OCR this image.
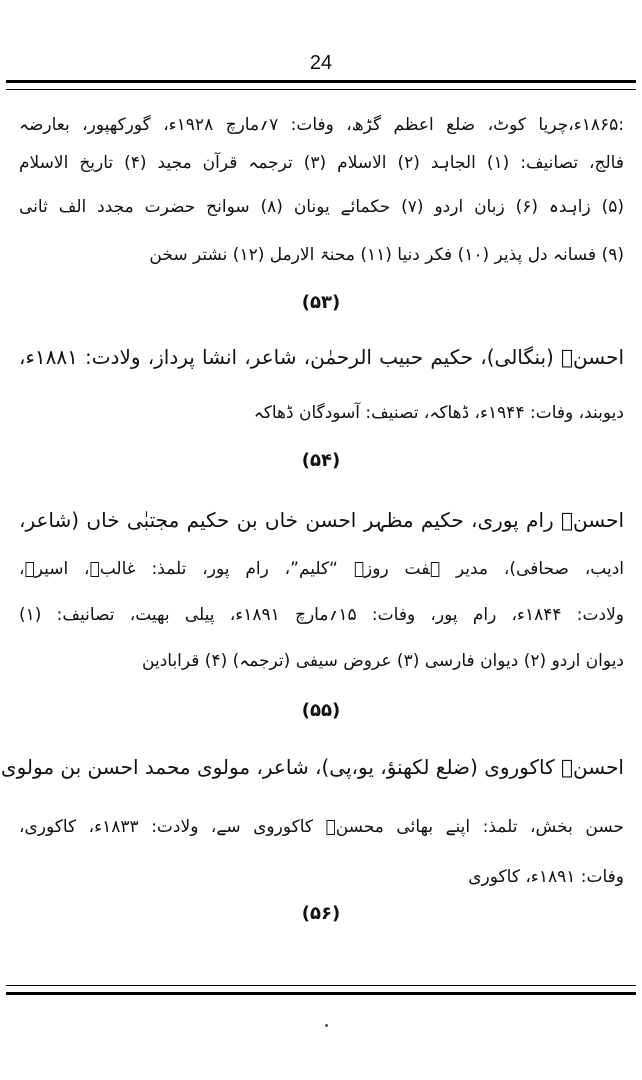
24
:۱۸۶۵ء،چریا کوٹ، ضلع اعظم گڑھ، وفات: ۷؍مارچ ۱۹۲۸ء، گورکھپور، بعارضہ
فالج، تصانیف: (۱) الجاہد (۲) الاسلام (۳) ترجمہ قرآن مجید (۴) تاریخ الاسلام
(۵) زاہدہ (۶) زبان اردو (۷) حکمائے یونان (۸) سوانح حضرت مجدد الف ثانی
(۹) فسانہ دل پذیر (۱۰) فکر دنیا (۱۱) محنۃ الارمل (۱۲) نشتر سخن
(۵۳)
احسنؔ (بنگالی)، حکیم حبیب الرحمٰن، شاعر، انشا پرداز، ولادت: ۱۸۸۱ء،
دیوبند، وفات: ۱۹۴۴ء، ڈھاکہ، تصنیف: آسودگان ڈھاکہ
(۵۴)
احسنؔ رام پوری، حکیم مظہر احسن خاں بن حکیم مجتبٰی خاں (شاعر،
ادیب، صحافی)، مدیر ہفت روزہ “کلیم”، رام پور، تلمذ: غالبؔ، اسیرؔ،
ولادت: ۱۸۴۴ء، رام پور، وفات: ۱۵؍مارچ ۱۸۹۱ء، پیلی بھیت، تصانیف: (۱)
دیوان اردو (۲) دیوان فارسی (۳) عروض سیفی (ترجمہ) (۴) قرابادین
(۵۵)
احسنؔ کاکوروی (ضلع لکھنؤ، یو،پی)، شاعر، مولوی محمد احسن بن مولوی
حسن بخش، تلمذ: اپنے بھائی محسنؔ کاکوروی سے، ولادت: ۱۸۳۳ء، کاکوری،
وفات: ۱۸۹۱ء، کاکوری
(۵۶)
